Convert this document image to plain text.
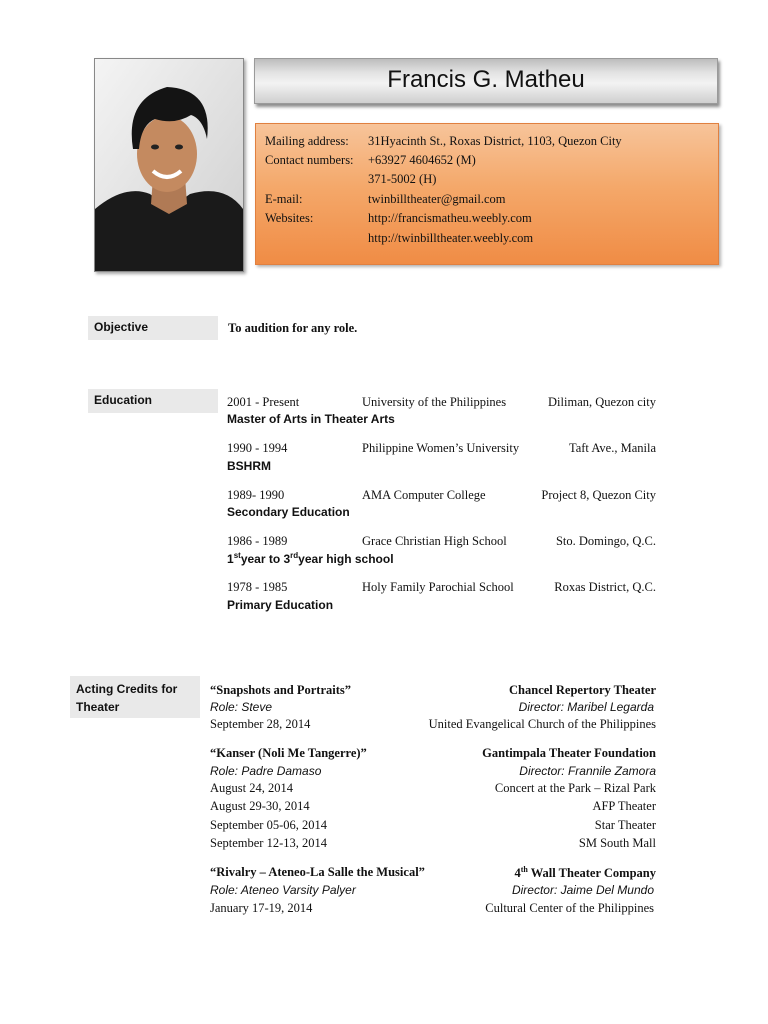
Francis G. Matheu
Mailing address: 31Hyacinth St., Roxas District, 1103, Quezon City
Contact numbers: +63927 4604652 (M)
371-5002 (H)
E-mail:	twinbilltheater@gmail.com
Websites:	http://francismatheu.weebly.com
http://twinbilltheater.weebly.com
Objective	To audition for any role.
Education	2001 - Present	University of the Philippines	Diliman, Quezon city
Master of Arts in Theater Arts
1990 - 1994	Philippine Women’s University	Taft Ave., Manila
BSHRM
1989- 1990	AMA Computer College	Project 8, Quezon City
Secondary Education
1986 - 1989	Grace Christian High School	Sto. Domingo, Q.C.
1styear to 3rdyear high school
1978 - 1985	Holy Family Parochial School	Roxas District, Q.C.
Primary Education
Acting Credits for
Theater
“Snapshots and Portraits”	Chancel Repertory Theater
Role: Steve	Director: Maribel Legarda
September 28, 2014	United Evangelical Church of the Philippines
“Kanser (Noli Me Tangerre)”	Gantimpala Theater Foundation
Role: Padre Damaso	Director: Frannile Zamora
August 24, 2014	Concert at the Park – Rizal Park
August 29-30, 2014	AFP Theater
September 05-06, 2014	Star Theater
September 12-13, 2014	SM South Mall
“Rivalry – Ateneo-La Salle the Musical”	4th Wall Theater Company
Role: Ateneo Varsity Palyer	Director: Jaime Del Mundo
January 17-19, 2014	Cultural Center of the Philippines
